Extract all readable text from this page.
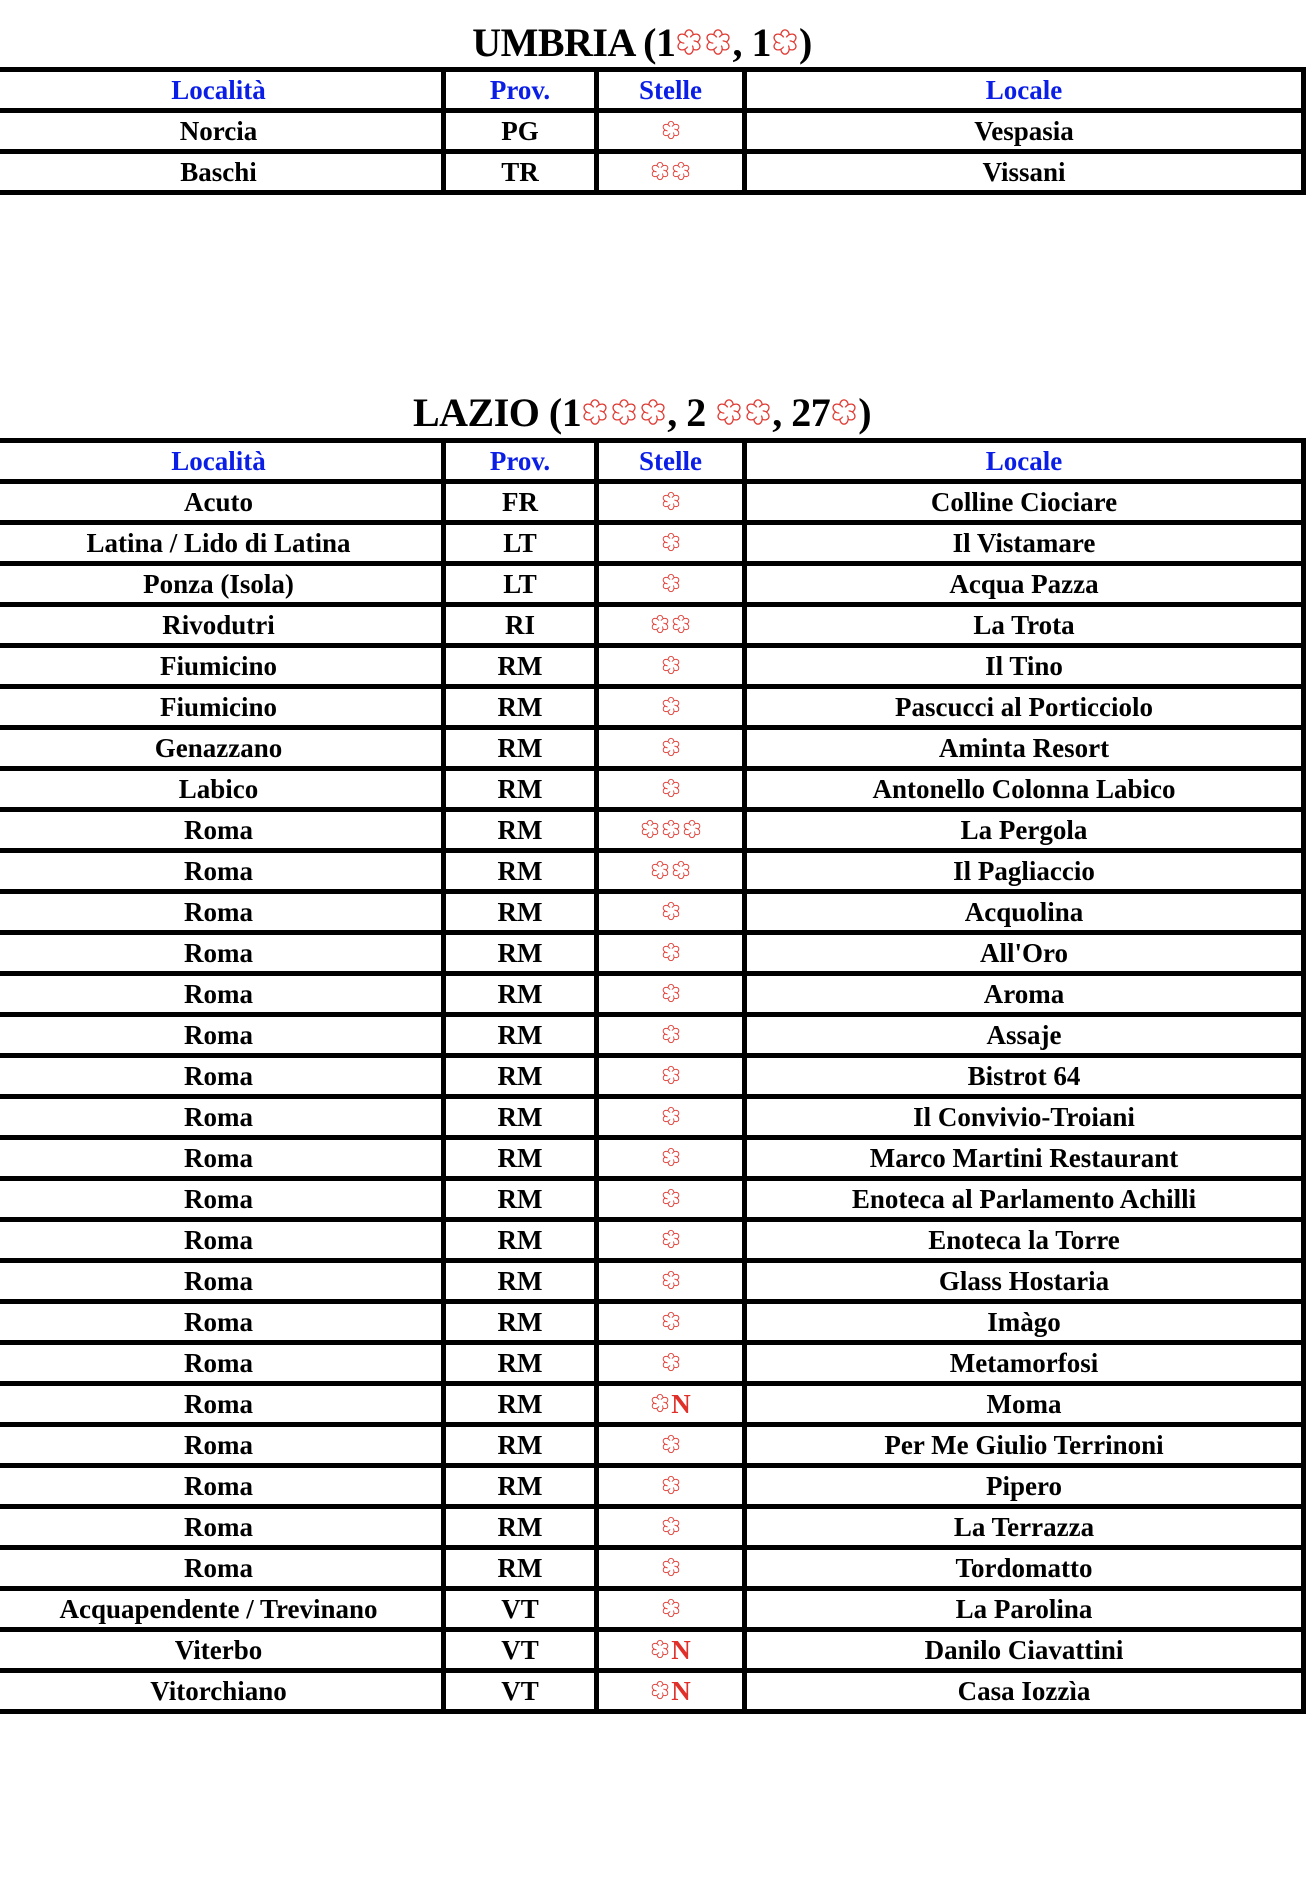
UMBRIA (1 , 1 )
Località	Prov.	Stelle	Locale
Norcia	PG		Vespasia
Baschi	TR		Vissani
LAZIO (1 , 2
, 27 )
Località	Prov.	Stelle	Locale
Acuto	FR		Colline Ciociare
Latina / Lido di Latina	LT		Il Vistamare
Ponza (Isola)	LT		Acqua Pazza
Rivodutri	RI		La Trota
Fiumicino	RM		Il Tino
Fiumicino	RM		Pascucci al Porticciolo
Genazzano	RM		Aminta Resort
Labico	RM		Antonello Colonna Labico
Roma	RM		La Pergola
Roma	RM		Il Pagliaccio
Roma	RM		Acquolina
Roma	RM		All'Oro
Roma	RM		Aroma
Roma	RM		Assaje
Roma	RM		Bistrot 64
Roma	RM		Il Convivio-Troiani
Roma	RM		Marco Martini Restaurant
Roma	RM		Enoteca al Parlamento Achilli
Roma	RM		Enoteca la Torre
Roma	RM		Glass Hostaria
Roma	RM		Imàgo
Roma	RM		Metamorfosi
Roma	RM	N	Moma
Roma	RM		Per Me Giulio Terrinoni
Roma	RM		Pipero
Roma	RM		La Terrazza
Roma	RM		Tordomatto
Acquapendente / Trevinano	VT		La Parolina
Viterbo	VT	N	Danilo Ciavattini
Vitorchiano	VT	N	Casa Iozzìa
